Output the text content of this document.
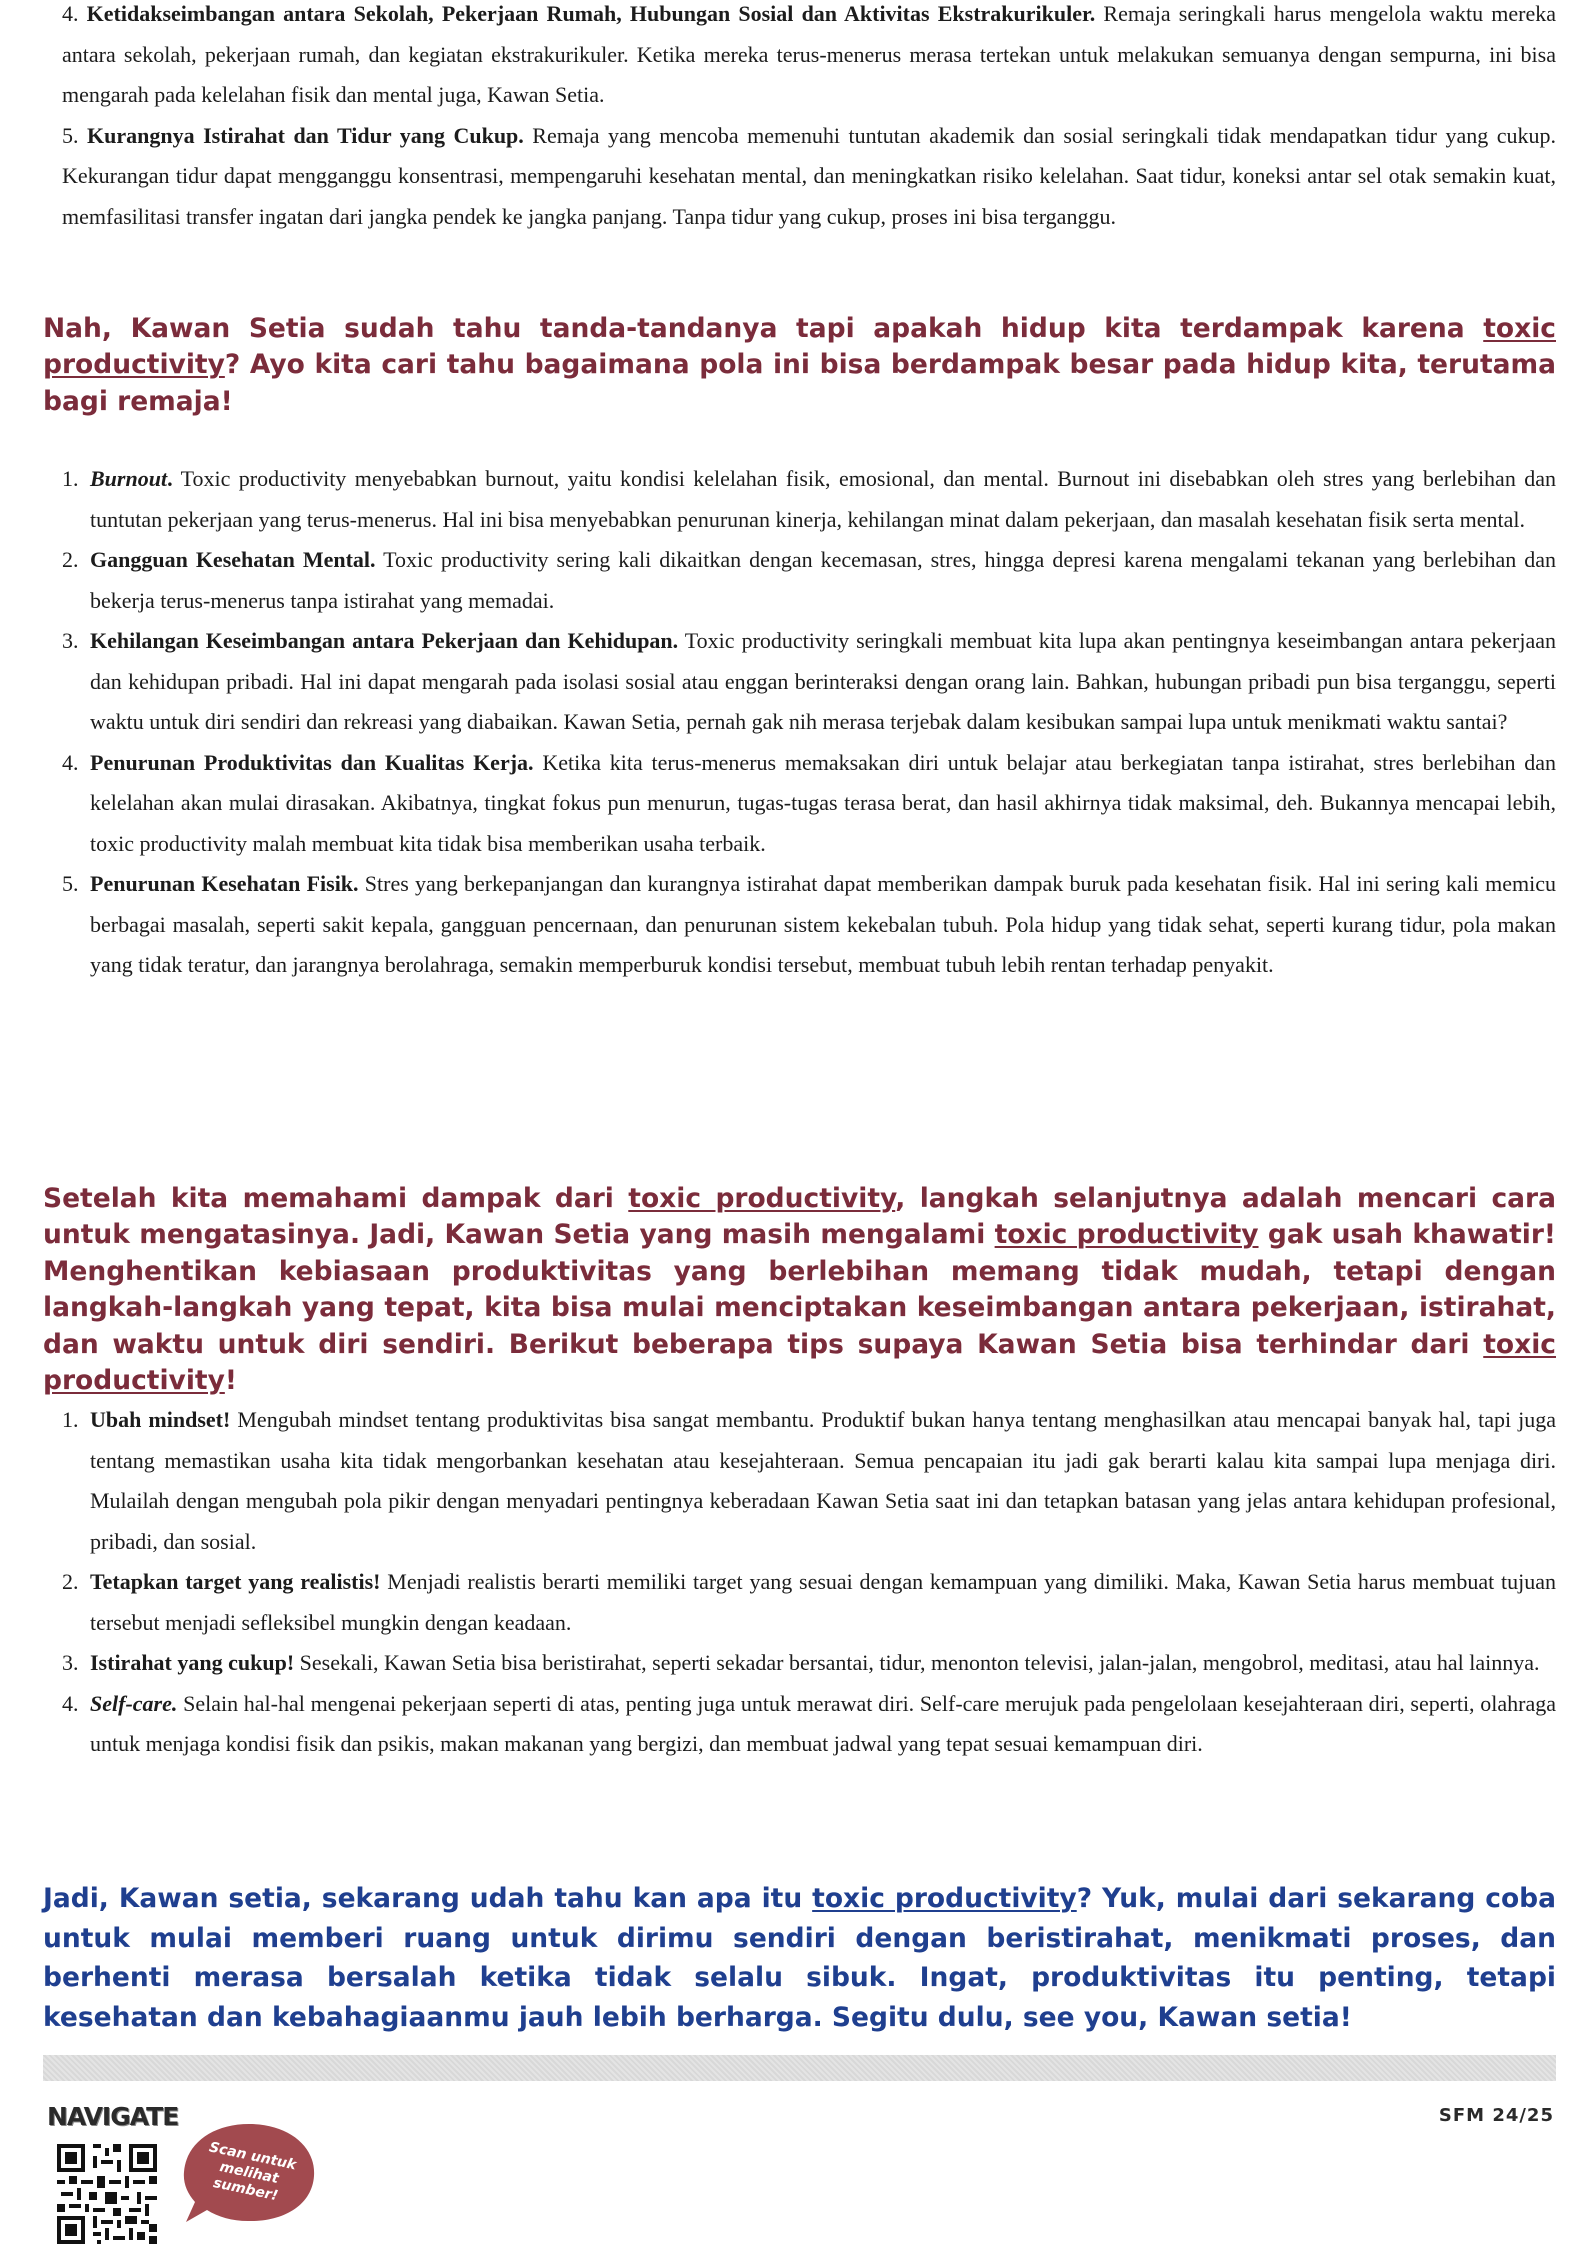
4. Ketidakseimbangan antara Sekolah, Pekerjaan Rumah, Hubungan Sosial dan Aktivitas Ekstrakurikuler. Remaja seringkali harus mengelola waktu mereka antara sekolah, pekerjaan rumah, dan kegiatan ekstrakurikuler. Ketika mereka terus-menerus merasa tertekan untuk melakukan semuanya dengan sempurna, ini bisa mengarah pada kelelahan fisik dan mental juga, Kawan Setia.

5. Kurangnya Istirahat dan Tidur yang Cukup. Remaja yang mencoba memenuhi tuntutan akademik dan sosial seringkali tidak mendapatkan tidur yang cukup. Kekurangan tidur dapat mengganggu konsentrasi, mempengaruhi kesehatan mental, dan meningkatkan risiko kelelahan. Saat tidur, koneksi antar sel otak semakin kuat, memfasilitasi transfer ingatan dari jangka pendek ke jangka panjang. Tanpa tidur yang cukup, proses ini bisa terganggu.

Nah, Kawan Setia sudah tahu tanda-tandanya tapi apakah hidup kita terdampak karena toxic productivity? Ayo kita cari tahu bagaimana pola ini bisa berdampak besar pada hidup kita, terutama bagi remaja!

1. Burnout. Toxic productivity menyebabkan burnout, yaitu kondisi kelelahan fisik, emosional, dan mental. Burnout ini disebabkan oleh stres yang berlebihan dan tuntutan pekerjaan yang terus-menerus. Hal ini bisa menyebabkan penurunan kinerja, kehilangan minat dalam pekerjaan, dan masalah kesehatan fisik serta mental.
2. Gangguan Kesehatan Mental. Toxic productivity sering kali dikaitkan dengan kecemasan, stres, hingga depresi karena mengalami tekanan yang berlebihan dan bekerja terus-menerus tanpa istirahat yang memadai.
3. Kehilangan Keseimbangan antara Pekerjaan dan Kehidupan. Toxic productivity seringkali membuat kita lupa akan pentingnya keseimbangan antara pekerjaan dan kehidupan pribadi. Hal ini dapat mengarah pada isolasi sosial atau enggan berinteraksi dengan orang lain. Bahkan, hubungan pribadi pun bisa terganggu, seperti waktu untuk diri sendiri dan rekreasi yang diabaikan. Kawan Setia, pernah gak nih merasa terjebak dalam kesibukan sampai lupa untuk menikmati waktu santai?
4. Penurunan Produktivitas dan Kualitas Kerja. Ketika kita terus-menerus memaksakan diri untuk belajar atau berkegiatan tanpa istirahat, stres berlebihan dan kelelahan akan mulai dirasakan. Akibatnya, tingkat fokus pun menurun, tugas-tugas terasa berat, dan hasil akhirnya tidak maksimal, deh. Bukannya mencapai lebih, toxic productivity malah membuat kita tidak bisa memberikan usaha terbaik.
5. Penurunan Kesehatan Fisik. Stres yang berkepanjangan dan kurangnya istirahat dapat memberikan dampak buruk pada kesehatan fisik. Hal ini sering kali memicu berbagai masalah, seperti sakit kepala, gangguan pencernaan, dan penurunan sistem kekebalan tubuh. Pola hidup yang tidak sehat, seperti kurang tidur, pola makan yang tidak teratur, dan jarangnya berolahraga, semakin memperburuk kondisi tersebut, membuat tubuh lebih rentan terhadap penyakit.

Setelah kita memahami dampak dari toxic productivity, langkah selanjutnya adalah mencari cara untuk mengatasinya. Jadi, Kawan Setia yang masih mengalami toxic productivity gak usah khawatir! Menghentikan kebiasaan produktivitas yang berlebihan memang tidak mudah, tetapi dengan langkah-langkah yang tepat, kita bisa mulai menciptakan keseimbangan antara pekerjaan, istirahat, dan waktu untuk diri sendiri. Berikut beberapa tips supaya Kawan Setia bisa terhindar dari toxic productivity!

1. Ubah mindset! Mengubah mindset tentang produktivitas bisa sangat membantu. Produktif bukan hanya tentang menghasilkan atau mencapai banyak hal, tapi juga tentang memastikan usaha kita tidak mengorbankan kesehatan atau kesejahteraan. Semua pencapaian itu jadi gak berarti kalau kita sampai lupa menjaga diri. Mulailah dengan mengubah pola pikir dengan menyadari pentingnya keberadaan Kawan Setia saat ini dan tetapkan batasan yang jelas antara kehidupan profesional, pribadi, dan sosial.
2. Tetapkan target yang realistis! Menjadi realistis berarti memiliki target yang sesuai dengan kemampuan yang dimiliki. Maka, Kawan Setia harus membuat tujuan tersebut menjadi sefleksibel mungkin dengan keadaan.
3. Istirahat yang cukup! Sesekali, Kawan Setia bisa beristirahat, seperti sekadar bersantai, tidur, menonton televisi, jalan-jalan, mengobrol, meditasi, atau hal lainnya.
4. Self-care. Selain hal-hal mengenai pekerjaan seperti di atas, penting juga untuk merawat diri. Self-care merujuk pada pengelolaan kesejahteraan diri, seperti, olahraga untuk menjaga kondisi fisik dan psikis, makan makanan yang bergizi, dan membuat jadwal yang tepat sesuai kemampuan diri.

Jadi, Kawan setia, sekarang udah tahu kan apa itu toxic productivity? Yuk, mulai dari sekarang coba untuk mulai memberi ruang untuk dirimu sendiri dengan beristirahat, menikmati proses, dan berhenti merasa bersalah ketika tidak selalu sibuk. Ingat, produktivitas itu penting, tetapi kesehatan dan kebahagiaanmu jauh lebih berharga. Segitu dulu, see you, Kawan setia!

NAVIGATE
Scan untuk melihat sumber!
SFM 24/25
